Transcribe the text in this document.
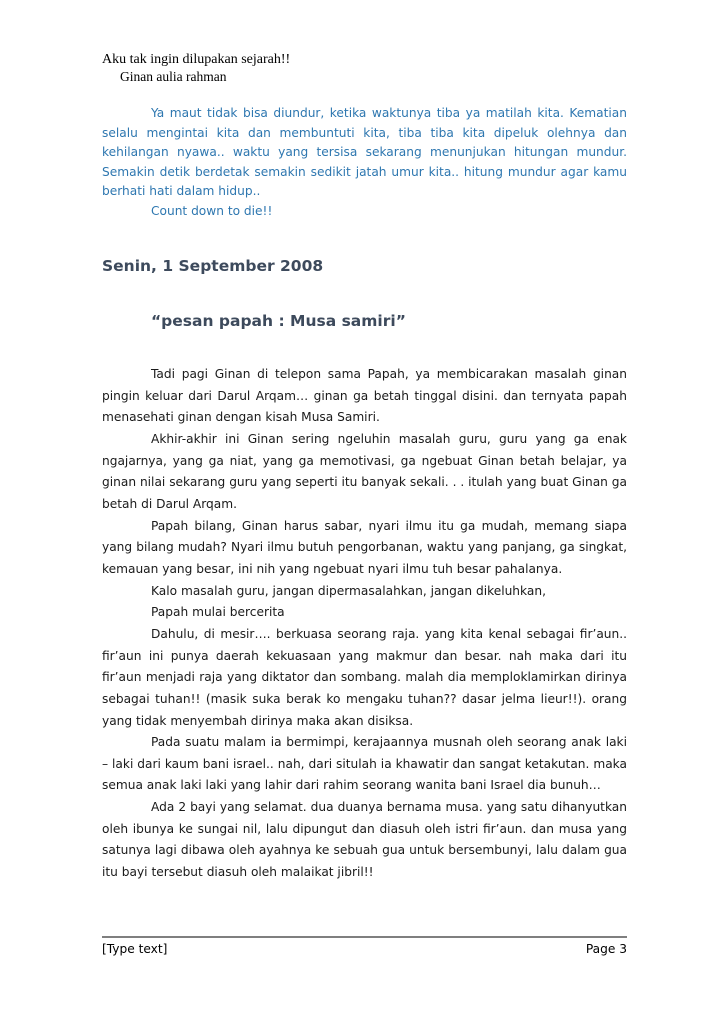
Aku tak ingin dilupakan sejarah!!
Ginan aulia rahman

Ya maut tidak bisa diundur, ketika waktunya tiba ya matilah kita. Kematian selalu mengintai kita dan membuntuti kita, tiba tiba kita dipeluk olehnya dan kehilangan nyawa.. waktu yang tersisa sekarang menunjukan hitungan mundur. Semakin detik berdetak semakin sedikit jatah umur kita.. hitung mundur agar kamu berhati hati dalam hidup..

Count down to die!!

Senin, 1 September 2008
“pesan papah : Musa samiri”

Tadi pagi Ginan di telepon sama Papah, ya membicarakan masalah ginan pingin keluar dari Darul Arqam… ginan ga betah tinggal disini. dan ternyata papah menasehati ginan dengan kisah Musa Samiri.

Akhir-akhir ini Ginan sering ngeluhin masalah guru, guru yang ga enak ngajarnya, yang ga niat, yang ga memotivasi, ga ngebuat Ginan betah belajar, ya ginan nilai sekarang guru yang seperti itu banyak sekali. . . itulah yang buat Ginan ga betah di Darul Arqam.

Papah bilang, Ginan harus sabar, nyari ilmu itu ga mudah, memang siapa yang bilang mudah? Nyari ilmu butuh pengorbanan, waktu yang panjang, ga singkat, kemauan yang besar, ini nih yang ngebuat nyari ilmu tuh besar pahalanya.

Kalo masalah guru, jangan dipermasalahkan, jangan dikeluhkan,

Papah mulai bercerita

Dahulu, di mesir…. berkuasa seorang raja. yang kita kenal sebagai fir’aun.. fir’aun ini punya daerah kekuasaan yang makmur dan besar. nah maka dari itu fir’aun menjadi raja yang diktator dan sombang. malah dia memploklamirkan dirinya sebagai tuhan!! (masik suka berak ko mengaku tuhan?? dasar jelma lieur!!). orang yang tidak menyembah dirinya maka akan disiksa.

Pada suatu malam ia bermimpi, kerajaannya musnah oleh seorang anak laki – laki dari kaum bani israel.. nah, dari situlah ia khawatir dan sangat ketakutan. maka semua anak laki laki yang lahir dari rahim seorang wanita bani Israel dia bunuh…

Ada 2 bayi yang selamat. dua duanya bernama musa. yang satu dihanyutkan oleh ibunya ke sungai nil, lalu dipungut dan diasuh oleh istri fir’aun. dan musa yang satunya lagi dibawa oleh ayahnya ke sebuah gua untuk bersembunyi, lalu dalam gua itu bayi tersebut diasuh oleh malaikat jibril!!

[Type text]	Page 3
